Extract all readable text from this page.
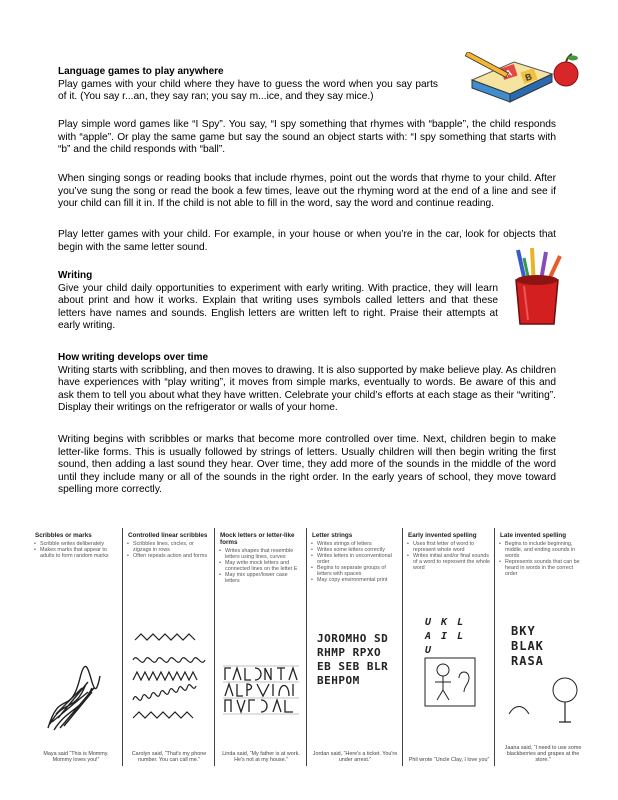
B

Language games to play anywhere

Play games with your child where they have to guess the word when you say parts of it. (You say r...an, they say ran; you say m...ice, and they say mice.)

Play simple word games like “I Spy”. You say, “I spy something that rhymes with “bapple”, the child responds with “apple”. Or play the same game but say the sound an object starts with: “I spy something that starts with “b” and the child responds with “ball”.

When singing songs or reading books that include rhymes, point out the words that rhyme to your child. After you’ve sung the song or read the book a few times, leave out the rhyming word at the end of a line and see if your child can fill it in. If the child is not able to fill in the word, say the word and continue reading.

Play letter games with your child. For example, in your house or when you’re in the car, look for objects that begin with the same letter sound.

Writing

Give your child daily opportunities to experiment with early writing. With practice, they will learn about print and how it works. Explain that writing uses symbols called letters and that these letters have names and sounds. English letters are written left to right. Praise their attempts at early writing.

How writing develops over time

Writing starts with scribbling, and then moves to drawing. It is also supported by make believe play. As children have experiences with “play writing”, it moves from simple marks, eventually to words. Be aware of this and ask them to tell you about what they have written. Celebrate your child’s efforts at each stage as their “writing”. Display their writings on the refrigerator or walls of your home.

Writing begins with scribbles or marks that become more controlled over time. Next, children begin to make letter-like forms. This is usually followed by strings of letters. Usually children will then begin writing the first sound, then adding a last sound they hear. Over time, they add more of the sounds in the middle of the word until they include many or all of the sounds in the right order. In the early years of school, they move toward spelling more correctly.

Scribbles or marks
• Scribble writes deliberately
• Makes marks that appear to adults to form random marks
Maya said “This is Mommy. Mommy loves you!”
Controlled linear scribbles
• Scribbles lines, circles, or zigzags in rows
• Often repeats action and forms
Carolyn said, “That's my phone number. You can call me.”
Mock letters or letter-like forms
• Writes shapes that resemble letters using lines, curves
• May write mock letters and connected lines on the letter E
• May mix upper/lower case letters
Linda said, “My father is at work. He's not at my house.”
Letter strings
• Writes strings of letters
• Writes some letters correctly
• Writes letters in unconventional order
• Begins to separate groups of letters with spaces
• May copy environmental print
JOROMHO SDRHMP RPXO EB SEB BLR BEHPOM
Jordan said, “Here's a ticket. You're under arrest.”
Early invented spelling
• Uses first letter of word to represent whole word
• Writes initial and/or final sounds of a word to represent the whole word
U K L A I L U
Phil wrote “Uncle Clay, I love you”
Late invented spelling
• Begins to include beginning, middle, and ending sounds in words
• Represents sounds that can be heard in words in the correct order
BKY BLAK RASA
Jaana said, “I need to use some blackberries and grapes at the store.”
